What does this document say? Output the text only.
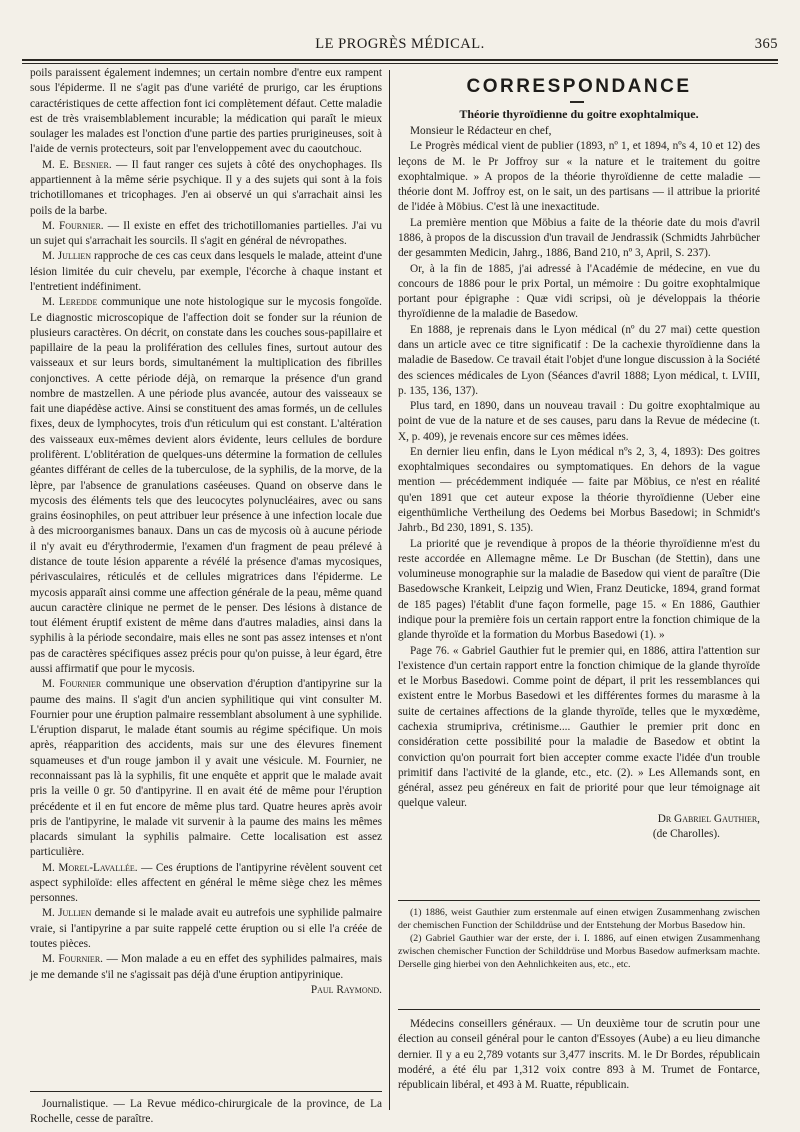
LE PROGRÈS MÉDICAL.	365

poils paraissent également indemnes; un certain nombre d'entre eux rampent sous l'épiderme. Il ne s'agit pas d'une variété de prurigo, car les éruptions caractéristiques de cette affection font ici complètement défaut. Cette maladie est de très vraisemblablement incurable; la médication qui paraît le mieux soulager les malades est l'onction d'une partie des parties prurigineuses, soit à l'aide de vernis protecteurs, soit par l'enveloppement avec du caoutchouc.

M. E. Besnier. — Il faut ranger ces sujets à côté des onychophages. Ils appartiennent à la même série psychique. Il y a des sujets qui sont à la fois trichotillomanes et tricophages. J'en ai observé un qui s'arrachait ainsi les poils de la barbe.

M. Fournier. — Il existe en effet des trichotillomanies partielles. J'ai vu un sujet qui s'arrachait les sourcils. Il s'agit en général de névropathes.

M. Jullien rapproche de ces cas ceux dans lesquels le malade, atteint d'une lésion limitée du cuir chevelu, par exemple, l'écorche à chaque instant et l'entretient indéfiniment.

M. Leredde communique une note histologique sur le mycosis fongoïde. Le diagnostic microscopique de l'affection doit se fonder sur la réunion de plusieurs caractères. On décrit, on constate dans les couches sous-papillaire et papillaire de la peau la prolifération des cellules fines, surtout autour des vaisseaux et sur leurs bords, simultanément la multiplication des fibrilles conjonctives. A cette période déjà, on remarque la présence d'un grand nombre de mastzellen. A une période plus avancée, autour des vaisseaux se fait une diapédèse active. Ainsi se constituent des amas formés, un de cellules fixes, deux de lymphocytes, trois d'un réticulum qui est constant. L'altération des vaisseaux eux-mêmes devient alors évidente, leurs cellules de bordure prolifèrent. L'oblitération de quelques-uns détermine la formation de cellules géantes différant de celles de la tuberculose, de la syphilis, de la morve, de la lèpre, par l'absence de granulations caséeuses. Quand on observe dans le mycosis des éléments tels que des leucocytes polynucléaires, avec ou sans grains éosinophiles, on peut attribuer leur présence à une infection locale due à des microorganismes banaux. Dans un cas de mycosis où à aucune période il n'y avait eu d'érythrodermie, l'examen d'un fragment de peau prélevé à distance de toute lésion apparente a révélé la présence d'amas mycosiques, périvasculaires, réticulés et de cellules migratrices dans l'épiderme. Le mycosis apparaît ainsi comme une affection générale de la peau, même quand aucun caractère clinique ne permet de le penser. Des lésions à distance de tout élément éruptif existent de même dans d'autres maladies, ainsi dans la syphilis à la période secondaire, mais elles ne sont pas assez intenses et n'ont pas de caractères spécifiques assez précis pour qu'on puisse, à leur égard, être aussi affirmatif que pour le mycosis.

M. Fournier communique une observation d'éruption d'antipyrine sur la paume des mains. Il s'agit d'un ancien syphilitique qui vint consulter M. Fournier pour une éruption palmaire ressemblant absolument à une syphilide. L'éruption disparut, le malade étant soumis au régime spécifique. Un mois après, réapparition des accidents, mais sur une des élevures finement squameuses et d'un rouge jambon il y avait une vésicule. M. Fournier, ne reconnaissant pas là la syphilis, fit une enquête et apprit que le malade avait pris la veille 0 gr. 50 d'antipyrine. Il en avait été de même pour l'éruption précédente et il en fut encore de même plus tard. Quatre heures après avoir pris de l'antipyrine, le malade vit survenir à la paume des mains les mêmes placards simulant la syphilis palmaire. Cette localisation est assez particulière.

M. Morel-Lavallée. — Ces éruptions de l'antipyrine révèlent souvent cet aspect syphiloïde: elles affectent en général le même siège chez les mêmes personnes.

M. Jullien demande si le malade avait eu autrefois une syphilide palmaire vraie, si l'antipyrine a par suite rappelé cette éruption ou si elle l'a créée de toutes pièces.

M. Fournier. — Mon malade a eu en effet des syphilides palmaires, mais je me demande s'il ne s'agissait pas déjà d'une éruption antipyrinique.

Paul Raymond.

Journalistique. — La Revue médico-chirurgicale de la province, de La Rochelle, cesse de paraître.

CORRESPONDANCE
Théorie thyroïdienne du goitre exophtalmique.

Monsieur le Rédacteur en chef,

Le Progrès médical vient de publier (1893, nº 1, et 1894, nºs 4, 10 et 12) des leçons de M. le Pr Joffroy sur « la nature et le traitement du goitre exophtalmique. » A propos de la théorie thyroïdienne de cette maladie — théorie dont M. Joffroy est, on le sait, un des partisans — il attribue la priorité de l'idée à Möbius. C'est là une inexactitude.

La première mention que Möbius a faite de la théorie date du mois d'avril 1886, à propos de la discussion d'un travail de Jendrassik (Schmidts Jahrbücher der gesammten Medicin, Jahrg., 1886, Band 210, nº 3, April, S. 237).

Or, à la fin de 1885, j'ai adressé à l'Académie de médecine, en vue du concours de 1886 pour le prix Portal, un mémoire : Du goitre exophtalmique portant pour épigraphe : Quæ vidi scripsi, où je développais la théorie thyroïdienne de la maladie de Basedow.

En 1888, je reprenais dans le Lyon médical (nº du 27 mai) cette question dans un article avec ce titre significatif : De la cachexie thyroïdienne dans la maladie de Basedow. Ce travail était l'objet d'une longue discussion à la Société des sciences médicales de Lyon (Séances d'avril 1888; Lyon médical, t. LVIII, p. 135, 136, 137).

Plus tard, en 1890, dans un nouveau travail : Du goitre exophtalmique au point de vue de la nature et de ses causes, paru dans la Revue de médecine (t. X, p. 409), je revenais encore sur ces mêmes idées.

En dernier lieu enfin, dans le Lyon médical nºs 2, 3, 4, 1893): Des goitres exophtalmiques secondaires ou symptomatiques. En dehors de la vague mention — précédemment indiquée — faite par Möbius, ce n'est en réalité qu'en 1891 que cet auteur expose la théorie thyroïdienne (Ueber eine eigenthümliche Vertheilung des Oedems bei Morbus Basedowi; in Schmidt's Jahrb., Bd 230, 1891, S. 135).

La priorité que je revendique à propos de la théorie thyroïdienne m'est du reste accordée en Allemagne même. Le Dr Buschan (de Stettin), dans une volumineuse monographie sur la maladie de Basedow qui vient de paraître (Die Basedowsche Krankeit, Leipzig und Wien, Franz Deuticke, 1894, grand format de 185 pages) l'établit d'une façon formelle, page 15. « En 1886, Gauthier indique pour la première fois un certain rapport entre la fonction chimique de la glande thyroïde et la formation du Morbus Basedowi (1). »

Page 76. « Gabriel Gauthier fut le premier qui, en 1886, attira l'attention sur l'existence d'un certain rapport entre la fonction chimique de la glande thyroïde et le Morbus Basedowi. Comme point de départ, il prit les ressemblances qui existent entre le Morbus Basedowi et les différentes formes du marasme à la suite de certaines affections de la glande thyroïde, telles que le myxœdème, cachexia strumipriva, crétinisme.... Gauthier le premier prit donc en considération cette possibilité pour la maladie de Basedow et obtint la conviction qu'on pourrait fort bien accepter comme exacte l'idée d'un trouble primitif dans l'activité de la glande, etc., etc. (2). » Les Allemands sont, en général, assez peu généreux en fait de priorité pour que leur témoignage ait quelque valeur.

Dr Gabriel Gauthier,

(de Charolles).

(1) 1886, weist Gauthier zum erstenmale auf einen etwigen Zusammenhang zwischen der chemischen Function der Schilddrüse und der Entstehung der Morbus Basedow hin.

(2) Gabriel Gauthier war der erste, der i. I. 1886, auf einen etwigen Zusammenhang zwischen chemischer Function der Schilddrüse und Morbus Basedow aufmerksam machte. Derselle ging hierbei von den Aehnlichkeiten aus, etc., etc.

Médecins conseillers généraux. — Un deuxième tour de scrutin pour une élection au conseil général pour le canton d'Essoyes (Aube) a eu lieu dimanche dernier. Il y a eu 2,789 votants sur 3,477 inscrits. M. le Dr Bordes, républicain modéré, a été élu par 1,312 voix contre 893 à M. Trumet de Fontarce, républicain libéral, et 493 à M. Ruatte, républicain.
